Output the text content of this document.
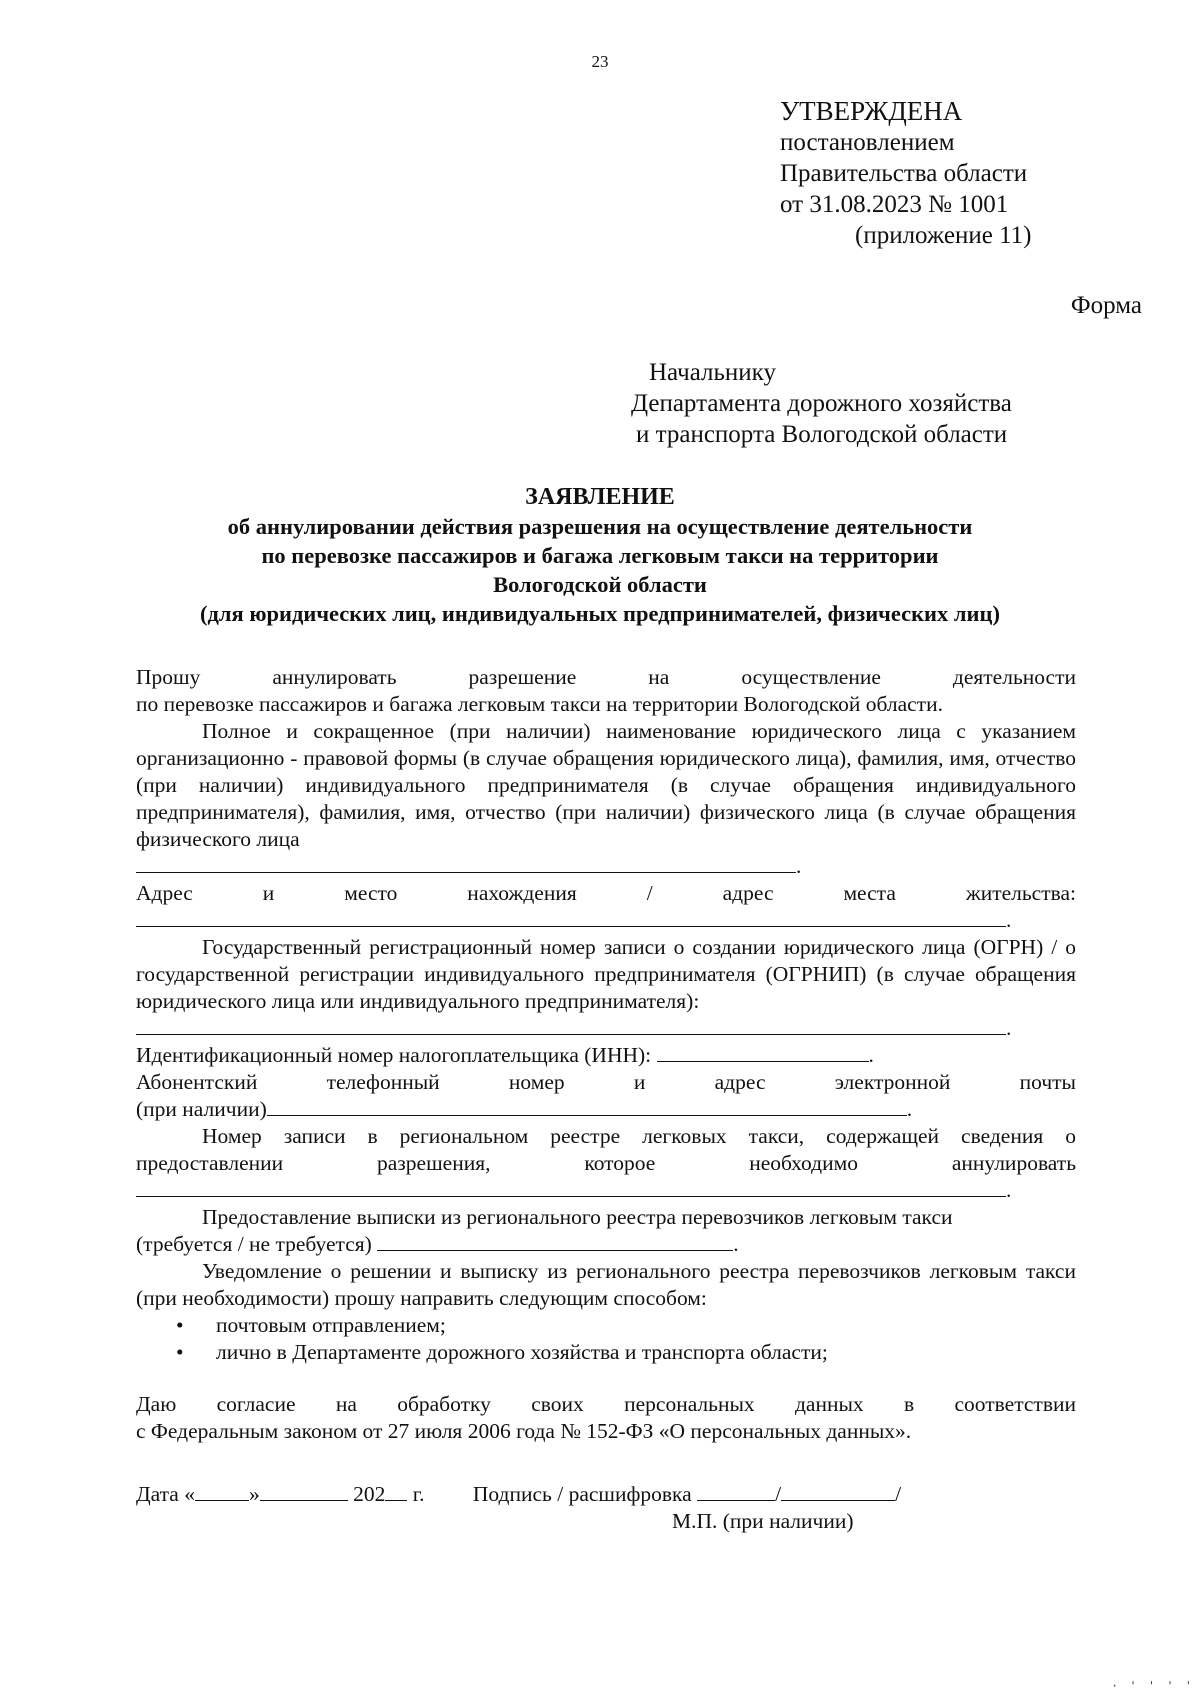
23
УТВЕРЖДЕНА
постановлением
Правительства области
от 31.08.2023 № 1001
(приложение 11)
Форма
Начальнику
Департамента дорожного хозяйства
и транспорта Вологодской области
ЗАЯВЛЕНИЕ
об аннулировании действия разрешения на осуществление деятельности
по перевозке пассажиров и багажа легковым такси на территории
Вологодской области
(для юридических лиц, индивидуальных предпринимателей, физических лиц)

Прошу аннулировать разрешение на осуществление деятельности

по перевозке пассажиров и багажа легковым такси на территории Вологодской области.

Полное и сокращенное (при наличии) наименование юридического лица с указанием организационно - правовой формы (в случае обращения юридического лица), фамилия, имя, отчество (при наличии) индивидуального предпринимателя (в случае обращения индивидуального предпринимателя), фамилия, имя, отчество (при наличии) физического лица (в случае обращения физического лица

.

Адрес и место нахождения / адрес места жительства:

.

Государственный регистрационный номер записи о создании юридического лица (ОГРН) / о государственной регистрации индивидуального предпринимателя (ОГРНИП) (в случае обращения юридического лица или индивидуального предпринимателя):

.

Идентификационный номер налогоплательщика (ИНН):	.

Абонентский телефонный номер и адрес электронной почты

(при наличии)	.

Номер записи в региональном реестре легковых такси, содержащей сведения о предоставлении разрешения, которое необходимо аннулировать

.

Предоставление выписки из регионального реестра перевозчиков легковым такси

(требуется / не требуется)	.

Уведомление о решении и выписку из регионального реестра перевозчиков легковым такси (при необходимости) прошу направить следующим способом:

• почтовым отправлением;
• лично в Департаменте дорожного хозяйства и транспорта области;

Даю согласие на обработку своих персональных данных в соответствии

с Федеральным законом от 27 июля 2006 года № 152-ФЗ «О персональных данных».

Дата «	»	202 г. Подпись / расшифровка	/	/

М.П. (при наличии)

· ' ' ' '
